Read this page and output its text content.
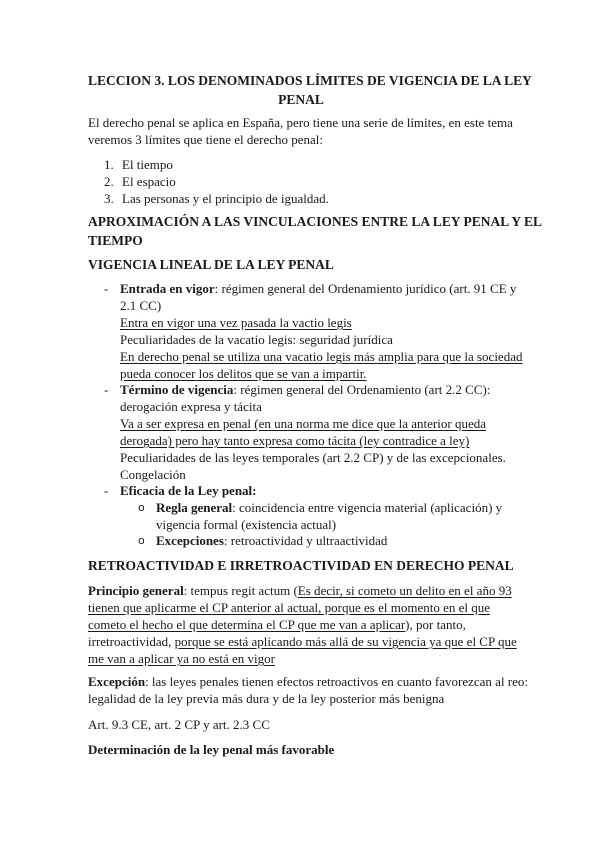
LECCION 3. LOS DENOMINADOS LÍMITES DE VIGENCIA DE LA LEY
PENAL
El derecho penal se aplica en España, pero tiene una serie de límites, en este tema
veremos 3 límites que tiene el derecho penal:
1. El tiempo
2. El espacio
3. Las personas y el principio de igualdad.
APROXIMACIÓN A LAS VINCULACIONES ENTRE LA LEY PENAL Y EL
TIEMPO
VIGENCIA LINEAL DE LA LEY PENAL
- Entrada en vigor: régimen general del Ordenamiento jurídico (art. 91 CE y
2.1 CC)
Entra en vigor una vez pasada la vactio legis
Peculiaridades de la vacatio legis: seguridad jurídica
En derecho penal se utiliza una vacatio legis más amplia para que la sociedad
pueda conocer los delitos que se van a impartir.
- Término de vigencia: régimen general del Ordenamiento (art 2.2 CC):
derogación expresa y tácita
Va a ser expresa en penal (en una norma me dice que la anterior queda
derogada) pero hay tanto expresa como tácita (ley contradice a ley)
Peculiaridades de las leyes temporales (art 2.2 CP) y de las excepcionales.
Congelación
- Eficacia de la Ley penal:
o Regla general: coincidencia entre vigencia material (aplicación) y
vigencia formal (existencia actual)
o Excepciones: retroactividad y ultraactividad
RETROACTIVIDAD E IRRETROACTIVIDAD EN DERECHO PENAL
Principio general: tempus regit actum (Es decir, si cometo un delito en el año 93
tienen que aplicarme el CP anterior al actual, porque es el momento en el que
cometo el hecho el que determina el CP que me van a aplicar), por tanto,
irretroactividad, porque se está aplicando más allá de su vigencia ya que el CP que
me van a aplicar ya no está en vigor
Excepción: las leyes penales tienen efectos retroactivos en cuanto favorezcan al reo:
legalidad de la ley previa más dura y de la ley posterior más benigna
Art. 9.3 CE, art. 2 CP y art. 2.3 CC
Determinación de la ley penal más favorable
